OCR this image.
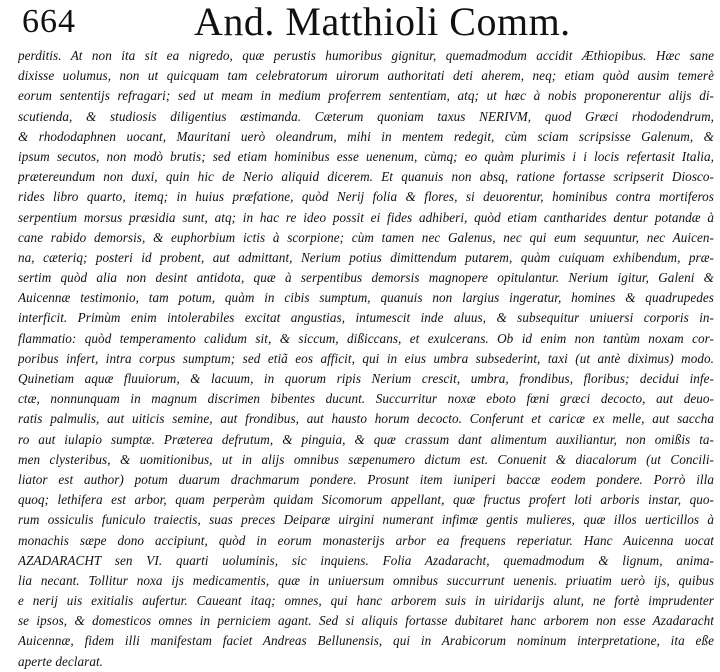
664	And. Matthioli Comm.
perditis. At non ita sit ea nigredo, quæ perustis humoribus gignitur, quemadmodum accidit Æthiopibus. Hæc sane
dixisse uolumus, non ut quicquam tam celebratorum uirorum authoritati deti aherem, neq; etiam quòd ausim temerè
eorum sententijs refragari; sed ut meam in medium proferrem sententiam, atq; ut hæc à nobis proponerentur alijs di-
scutienda, & studiosis diligentius æstimanda. Cæterum quoniam taxus NERIVM, quod Græci rhododendrum,
& rhododaphnen uocant, Mauritani uerò oleandrum, mihi in mentem redegit, cùm sciam scripsisse Galenum, &
ipsum secutos, non modò brutis; sed etiam hominibus esse uenenum, cùmq; eo quàm plurimis i i locis refertasit Italia,
prætereundum non duxi, quin hic de Nerio aliquid dicerem. Et quanuis non absq, ratione fortasse scripserit Diosco-
rides libro quarto, itemq; in huius præfatione, quòd Nerij folia & flores, si deuorentur, hominibus contra mortiferos
serpentium morsus præsidia sunt, atq; in hac re ideo possit ei fides adhiberi, quòd etiam cantharides dentur potandæ à
cane rabido demorsis, & euphorbium ictis à scorpione; cùm tamen nec Galenus, nec qui eum sequuntur, nec Auicen-
na, cæteriq; posteri id probent, aut admittant, Nerium potius dimittendum putarem, quàm cuiquam exhibendum, præ-
sertim quòd alia non desint antidota, quæ à serpentibus demorsis magnopere opitulantur. Nerium igitur, Galeni &
Auicennæ testimonio, tam potum, quàm in cibis sumptum, quanuis non largius ingeratur, homines & quadrupedes
interficit. Primùm enim intolerabiles excitat angustias, intumescit inde aluus, & subsequitur uniuersi corporis in-
flammatio: quòd temperamento calidum sit, & siccum, dißiccans, et exulcerans. Ob id enim non tantùm noxam cor-
poribus infert, intra corpus sumptum; sed etiã eos afficit, qui in eius umbra subsederint, taxi (ut antè diximus) modo.
Quinetiam aquæ fluuiorum, & lacuum, in quorum ripis Nerium crescit, umbra, frondibus, floribus; decidui infe-
ctæ, nonnunquam in magnum discrimen bibentes ducunt. Succurritur noxæ eboto fœni græci decocto, aut deuo-
ratis palmulis, aut uiticis semine, aut frondibus, aut hausto horum decocto. Conferunt et caricæ ex melle, aut saccha
ro aut iulapio sumptæ. Præterea defrutum, & pinguia, & quæ crassum dant alimentum auxiliantur, non omißis ta-
men clysteribus, & uomitionibus, ut in alijs omnibus sæpenumero dictum est. Conuenit & diacalorum (ut Concili-
liator est author) potum duarum drachmarum pondere. Prosunt item iuniperi baccæ eodem pondere. Porrò illa
quoq; lethifera est arbor, quam perperàm quidam Sicomorum appellant, quæ fructus profert loti arboris instar, quo-
rum ossiculis funiculo traiectis, suas preces Deiparæ uirgini numerant infimæ gentis mulieres, quæ illos uerticillos à
monachis sæpe dono accipiunt, quòd in eorum monasterijs arbor ea frequens reperiatur. Hanc Auicenna uocat
AZADARACHT sen VI. quarti uoluminis, sic inquiens. Folia Azadaracht, quemadmodum & lignum, anima-
lia necant. Tollitur noxa ijs medicamentis, quæ in uniuersum omnibus succurrunt uenenis. priuatim uerò ijs, quibus
e nerij uis exitialis aufertur. Caueant itaq; omnes, qui hanc arborem suis in uiridarijs alunt, ne fortè imprudenter
se ipsos, & domesticos omnes in perniciem agant. Sed si aliquis fortasse dubitaret hanc arborem non esse Azadaracht
Auicennæ, fidem illi manifestam faciet Andreas Bellunensis, qui in Arabicorum nominum interpretatione, ita eße
aperte declarat.
